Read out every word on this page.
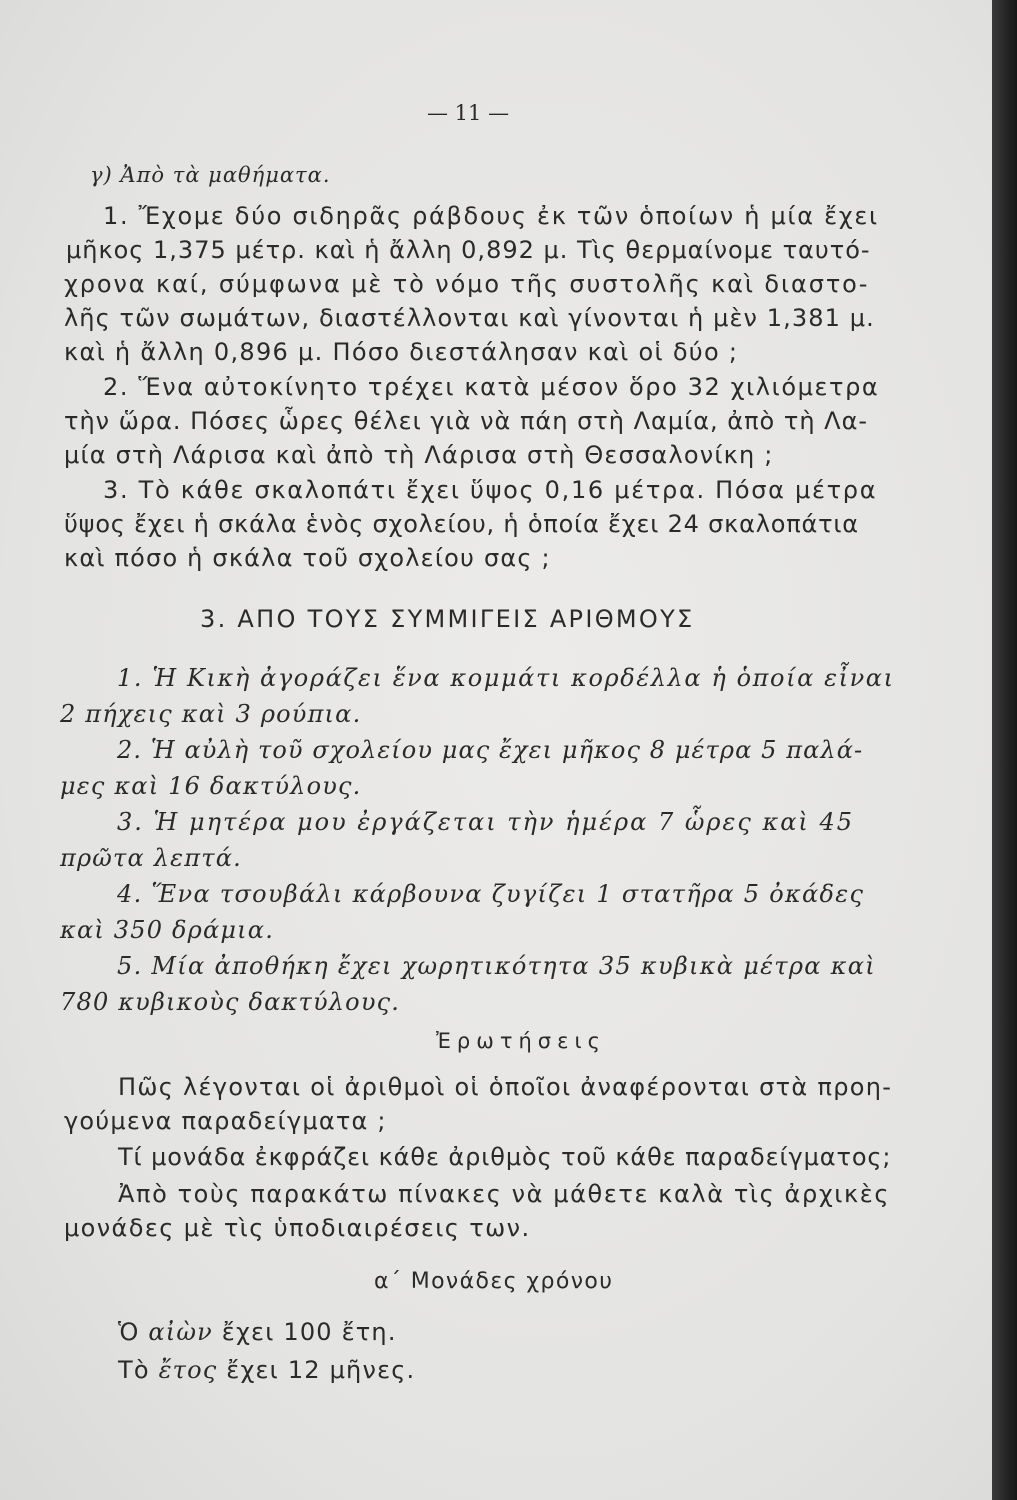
— 11 —

γ) Ἀπὸ τὰ μαθήματα.

1. Ἔχομε δύο σιδηρᾶς ράβδους ἐκ τῶν ὁποίων ἡ μία ἔχει

μῆκος 1,375 μέτρ. καὶ ἡ ἄλλη 0,892 μ. Τὶς θερμαίνομε ταυτό-

χρονα καί, σύμφωνα μὲ τὸ νόμο τῆς συστολῆς καὶ διαστο-

λῆς τῶν σωμάτων, διαστέλλονται καὶ γίνονται ἡ μὲν 1,381 μ.

καὶ ἡ ἄλλη 0,896 μ. Πόσο διεστάλησαν καὶ οἱ δύο ;

2. Ἕνα αὐτοκίνητο τρέχει κατὰ μέσον ὅρο 32 χιλιόμετρα

τὴν ὥρα. Πόσες ὧρες θέλει γιὰ νὰ πάη στὴ Λαμία, ἀπὸ τὴ Λα-

μία στὴ Λάρισα καὶ ἀπὸ τὴ Λάρισα στὴ Θεσσαλονίκη ;

3. Τὸ κάθε σκαλοπάτι ἔχει ὕψος 0,16 μέτρα. Πόσα μέτρα

ὕψος ἔχει ἡ σκάλα ἑνὸς σχολείου, ἡ ὁποία ἔχει 24 σκαλοπάτια

καὶ πόσο ἡ σκάλα τοῦ σχολείου σας ;

3. ΑΠΟ ΤΟΥΣ ΣΥΜΜΙΓΕΙΣ ΑΡΙΘΜΟΥΣ

1. Ἡ Κικὴ ἀγοράζει ἕνα κομμάτι κορδέλλα ἡ ὁποία εἶναι

2 πήχεις καὶ 3 ρούπια.

2. Ἡ αὐλὴ τοῦ σχολείου μας ἔχει μῆκος 8 μέτρα 5 παλά-

μες καὶ 16 δακτύλους.

3. Ἡ μητέρα μου ἐργάζεται τὴν ἡμέρα 7 ὧρες καὶ 45

πρῶτα λεπτά.

4. Ἕνα τσουβάλι κάρβουνα ζυγίζει 1 στατῆρα 5 ὀκάδες

καὶ 350 δράμια.

5. Μία ἀποθήκη ἔχει χωρητικότητα 35 κυβικὰ μέτρα καὶ

780 κυβικοὺς δακτύλους.

Ἐρωτήσεις

Πῶς λέγονται οἱ ἀριθμοὶ οἱ ὁποῖοι ἀναφέρονται στὰ προη-

γούμενα παραδείγματα ;

Τί μονάδα ἐκφράζει κάθε ἀριθμὸς τοῦ κάθε παραδείγματος;

Ἀπὸ τοὺς παρακάτω πίνακες νὰ μάθετε καλὰ τὶς ἀρχικὲς

μονάδες μὲ τὶς ὑποδιαιρέσεις των.

α΄ Μονάδες χρόνου

Ὁ αἰὼν ἔχει 100 ἔτη.

Τὸ ἔτος ἔχει 12 μῆνες.
